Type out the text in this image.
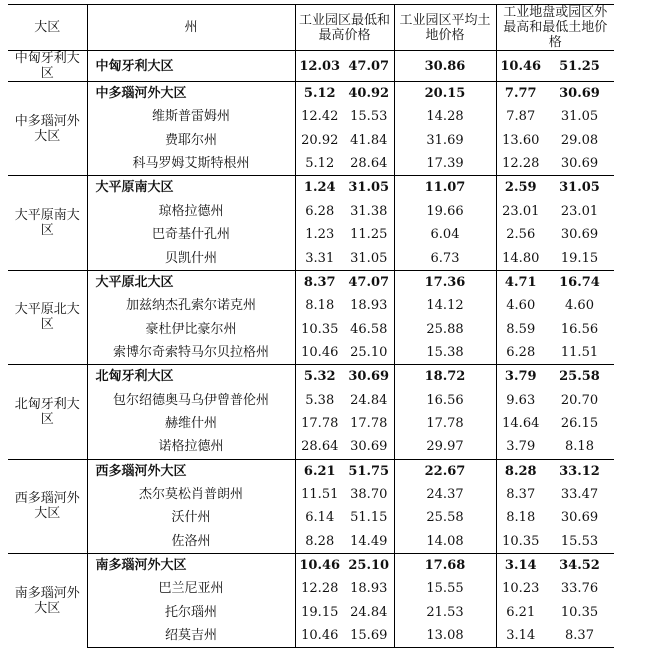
大区	州	工业园区最低和最高价格		工业园区平均土地价格	工业地盘或园区外最高和最低土地价格	
中匈牙利大区	中匈牙利大区	12.03	47.07	30.86	10.46	51.25
中多瑙河外大区	中多瑙河外大区	5.12	40.92	20.15	7.77	30.69
	维斯普雷姆州	12.42	15.53	14.28	7.87	31.05
	费耶尔州	20.92	41.84	31.69	13.60	29.08
	科马罗姆艾斯特根州	5.12	28.64	17.39	12.28	30.69
大平原南大区	大平原南大区	1.24	31.05	11.07	2.59	31.05
	琼格拉德州	6.28	31.38	19.66	23.01	23.01
	巴奇基什孔州	1.23	11.25	6.04	2.56	30.69
	贝凯什州	3.31	31.05	6.73	14.80	19.15
大平原北大区	大平原北大区	8.37	47.07	17.36	4.71	16.74
	加兹纳杰孔索尔诺克州	8.18	18.93	14.12	4.60	4.60
	豪杜伊比豪尔州	10.35	46.58	25.88	8.59	16.56
	索博尔奇索特马尔贝拉格州	10.46	25.10	15.38	6.28	11.51
北匈牙利大区	北匈牙利大区	5.32	30.69	18.72	3.79	25.58
	包尔绍德奥马乌伊曾普伦州	5.38	24.84	16.56	9.63	20.70
	赫维什州	17.78	17.78	17.78	14.64	26.15
	诺格拉德州	28.64	30.69	29.97	3.79	8.18
西多瑙河外大区	西多瑙河外大区	6.21	51.75	22.67	8.28	33.12
	杰尔莫松肖普朗州	11.51	38.70	24.37	8.37	33.47
	沃什州	6.14	51.15	25.58	8.18	30.69
	佐洛州	8.28	14.49	14.08	10.35	15.53
南多瑙河外大区	南多瑙河外大区	10.46	25.10	17.68	3.14	34.52
	巴兰尼亚州	12.28	18.93	15.55	10.23	33.76
	托尔瑙州	19.15	24.84	21.53	6.21	10.35
	绍莫吉州	10.46	15.69	13.08	3.14	8.37
